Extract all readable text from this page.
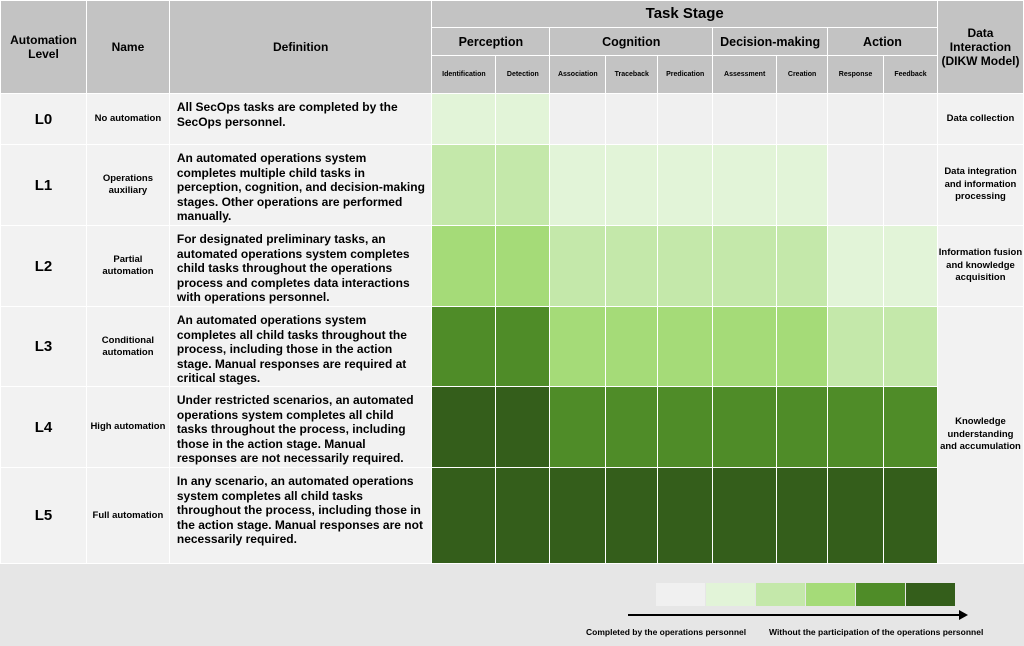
Automation Level	Name	Definition	Task Stage									Data Interaction (DIKW Model)
			Perception		Cognition			Decision-making		Action		
			Identification	Detection	Association	Traceback	Predication	Assessment	Creation	Response	Feedback	
L0	No automation	All SecOps tasks are completed by the SecOps personnel.										Data collection
L1	Operations auxiliary	An automated operations system completes multiple child tasks in perception, cognition, and decision-making stages. Other operations are performed manually.										Data integration and information processing
L2	Partial automation	For designated preliminary tasks, an automated operations system completes child tasks throughout the operations process and completes data interactions with operations personnel.										Information fusion and knowledge acquisition
L3	Conditional automation	An automated operations system completes all child tasks throughout the process, including those in the action stage. Manual responses are required at critical stages.										Knowledge understanding and accumulation
L4	High automation	Under restricted scenarios, an automated operations system completes all child tasks throughout the process, including those in the action stage. Manual responses are not necessarily required.										
L5	Full automation	In any scenario, an automated operations system completes all child tasks throughout the process, including those in the action stage. Manual responses are not necessarily required.										
Completed by the operations personnel	Without the participation of the operations personnel
